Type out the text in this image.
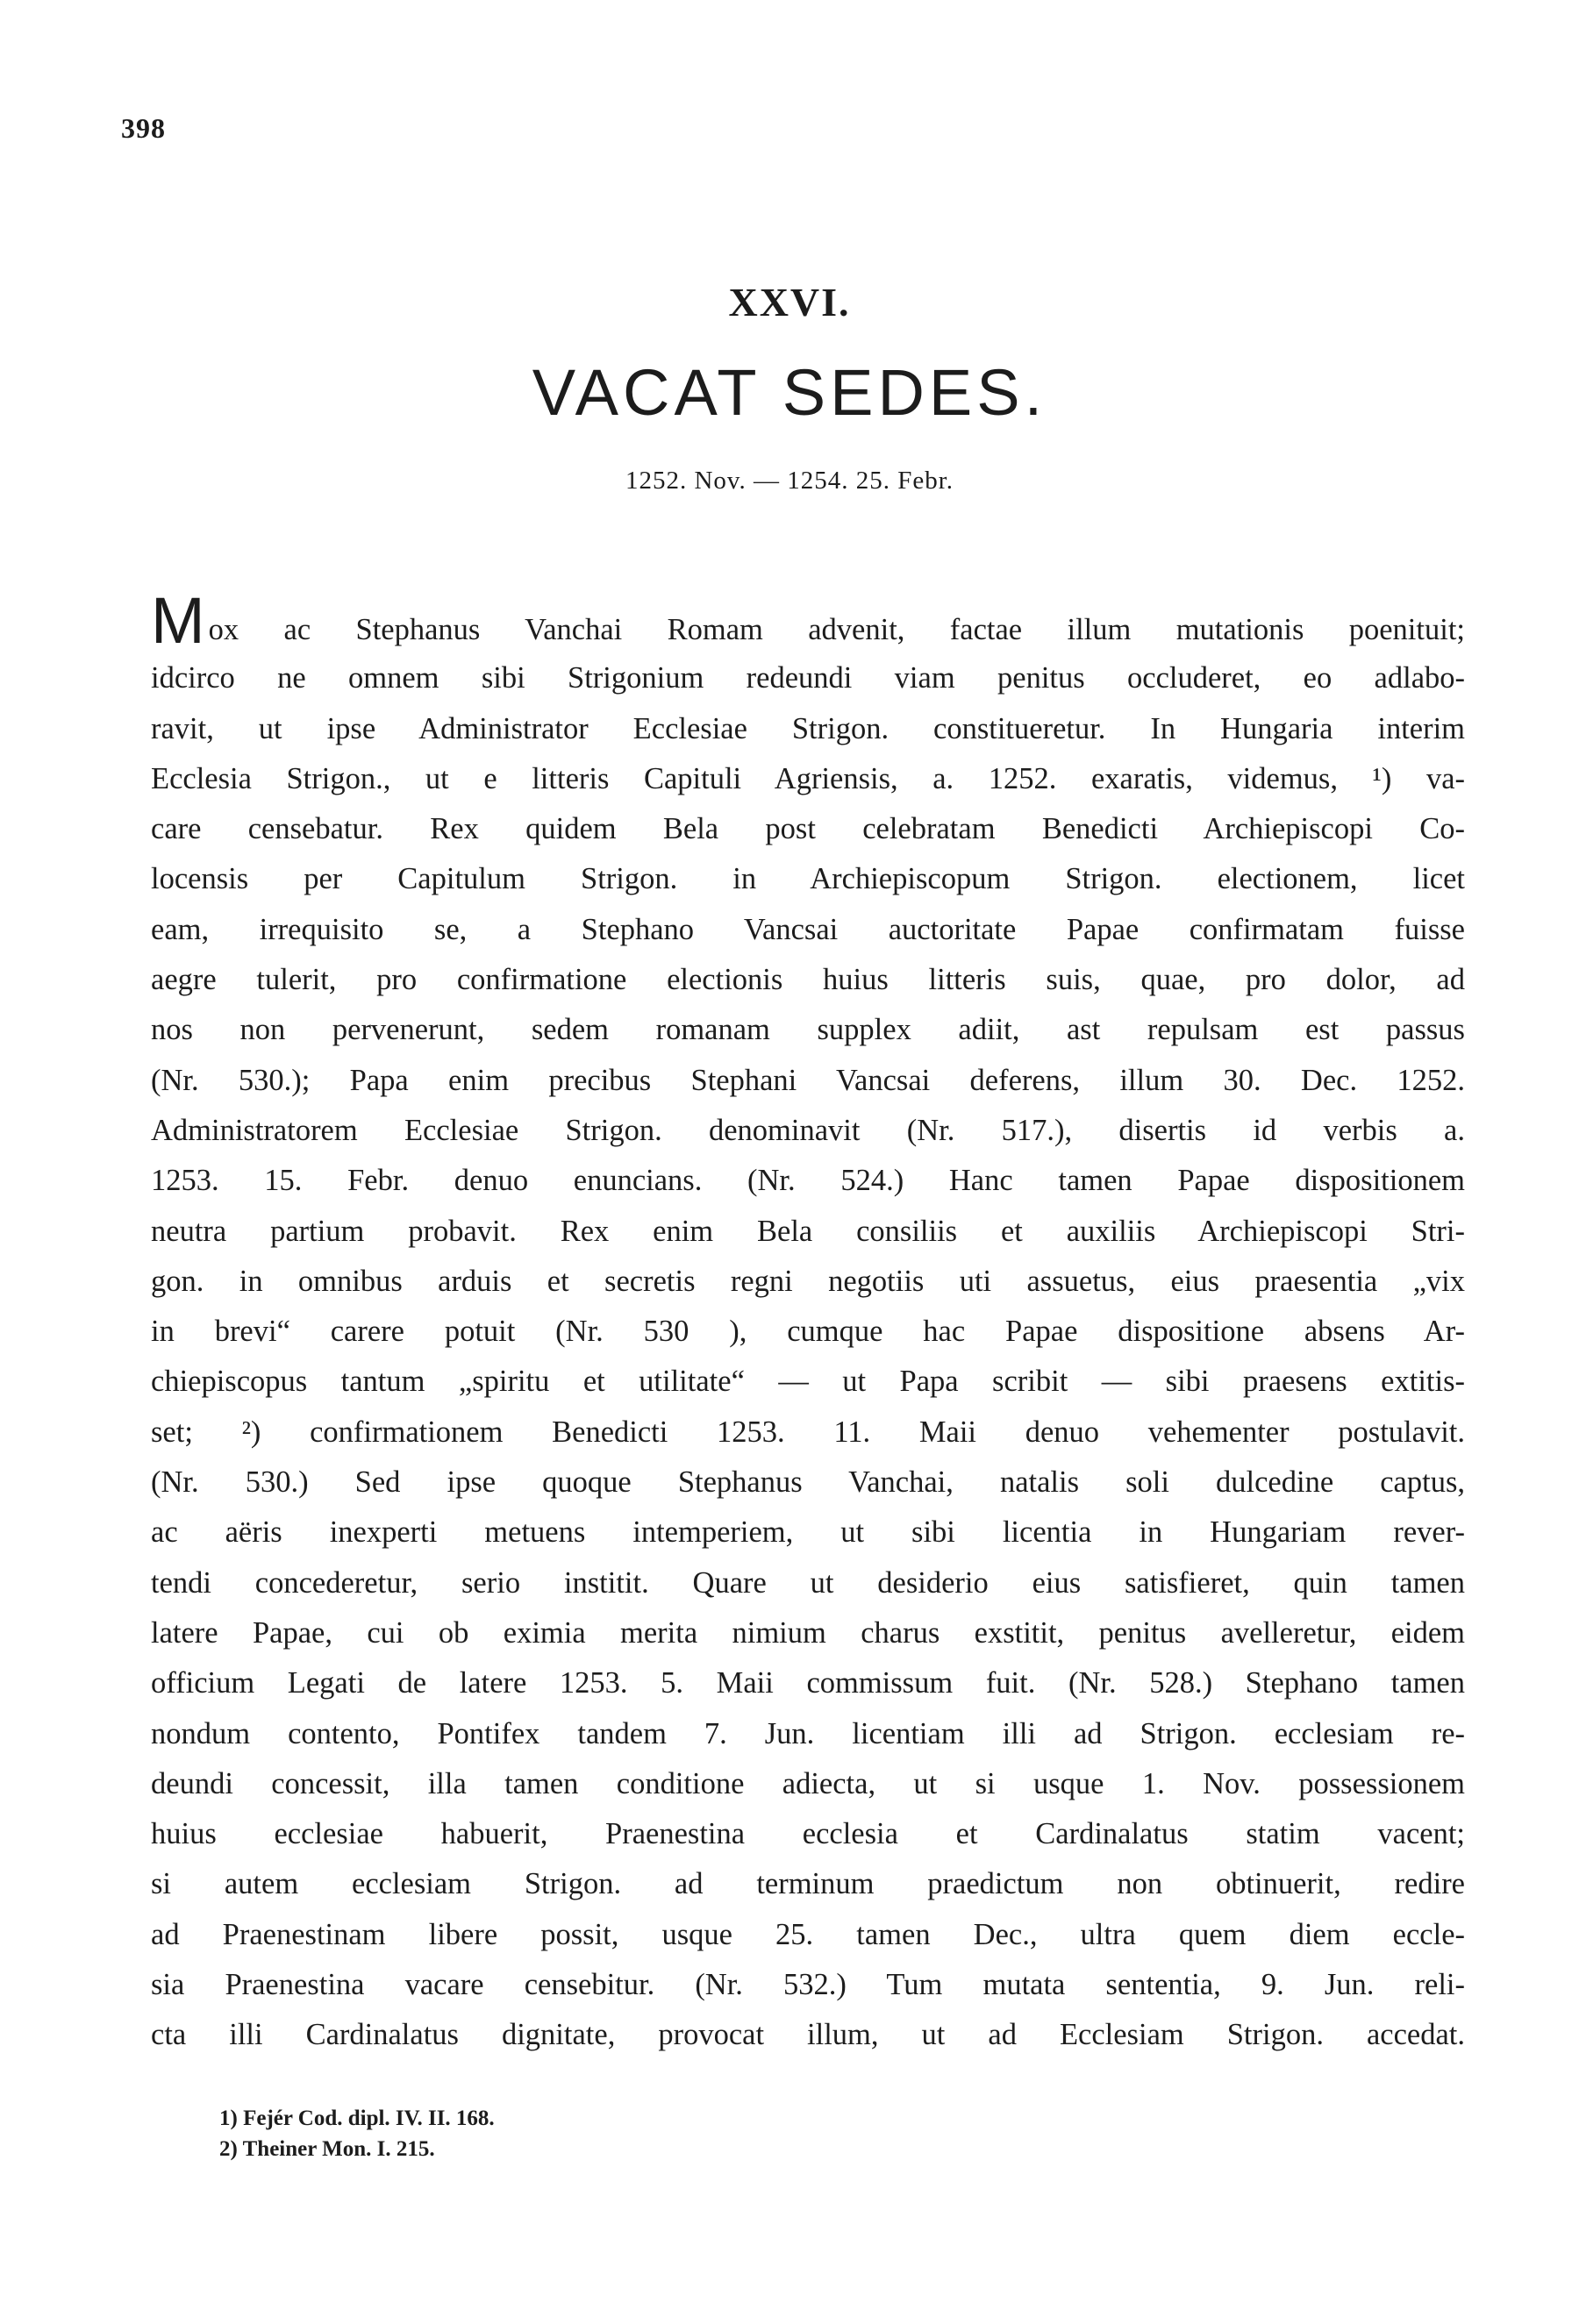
398
XXVI.
VACAT SEDES.
1252. Nov. — 1254. 25. Febr.
Mox ac Stephanus Vanchai Romam advenit, factae illum mutationis poenituit;
idcirco ne omnem sibi Strigonium redeundi viam penitus occluderet, eo adlabo-
ravit, ut ipse Administrator Ecclesiae Strigon. constitueretur. In Hungaria interim
Ecclesia Strigon., ut e litteris Capituli Agriensis, a. 1252. exaratis, videmus, ¹) va-
care censebatur. Rex quidem Bela post celebratam Benedicti Archiepiscopi Co-
locensis per Capitulum Strigon. in Archiepiscopum Strigon. electionem, licet
eam, irrequisito se, a Stephano Vancsai auctoritate Papae confirmatam fuisse
aegre tulerit, pro confirmatione electionis huius litteris suis, quae, pro dolor, ad
nos non pervenerunt, sedem romanam supplex adiit, ast repulsam est passus
(Nr. 530.); Papa enim precibus Stephani Vancsai deferens, illum 30. Dec. 1252.
Administratorem Ecclesiae Strigon. denominavit (Nr. 517.), disertis id verbis a.
1253. 15. Febr. denuo enuncians. (Nr. 524.) Hanc tamen Papae dispositionem
neutra partium probavit. Rex enim Bela consiliis et auxiliis Archiepiscopi Stri-
gon. in omnibus arduis et secretis regni negotiis uti assuetus, eius praesentia „vix
in brevi“ carere potuit (Nr. 530 ), cumque hac Papae dispositione absens Ar-
chiepiscopus tantum „spiritu et utilitate“ — ut Papa scribit — sibi praesens extitis-
set; ²) confirmationem Benedicti 1253. 11. Maii denuo vehementer postulavit.
(Nr. 530.) Sed ipse quoque Stephanus Vanchai, natalis soli dulcedine captus,
ac aëris inexperti metuens intemperiem, ut sibi licentia in Hungariam rever-
tendi concederetur, serio institit. Quare ut desiderio eius satisfieret, quin tamen
latere Papae, cui ob eximia merita nimium charus exstitit, penitus avelleretur, eidem
officium Legati de latere 1253. 5. Maii commissum fuit. (Nr. 528.) Stephano tamen
nondum contento, Pontifex tandem 7. Jun. licentiam illi ad Strigon. ecclesiam re-
deundi concessit, illa tamen conditione adiecta, ut si usque 1. Nov. possessionem
huius ecclesiae habuerit, Praenestina ecclesia et Cardinalatus statim vacent;
si autem ecclesiam Strigon. ad terminum praedictum non obtinuerit, redire
ad Praenestinam libere possit, usque 25. tamen Dec., ultra quem diem eccle-
sia Praenestina vacare censebitur. (Nr. 532.) Tum mutata sententia, 9. Jun. reli-
cta illi Cardinalatus dignitate, provocat illum, ut ad Ecclesiam Strigon. accedat.
1) Fejér Cod. dipl. IV. II. 168.
2) Theiner Mon. I. 215.
